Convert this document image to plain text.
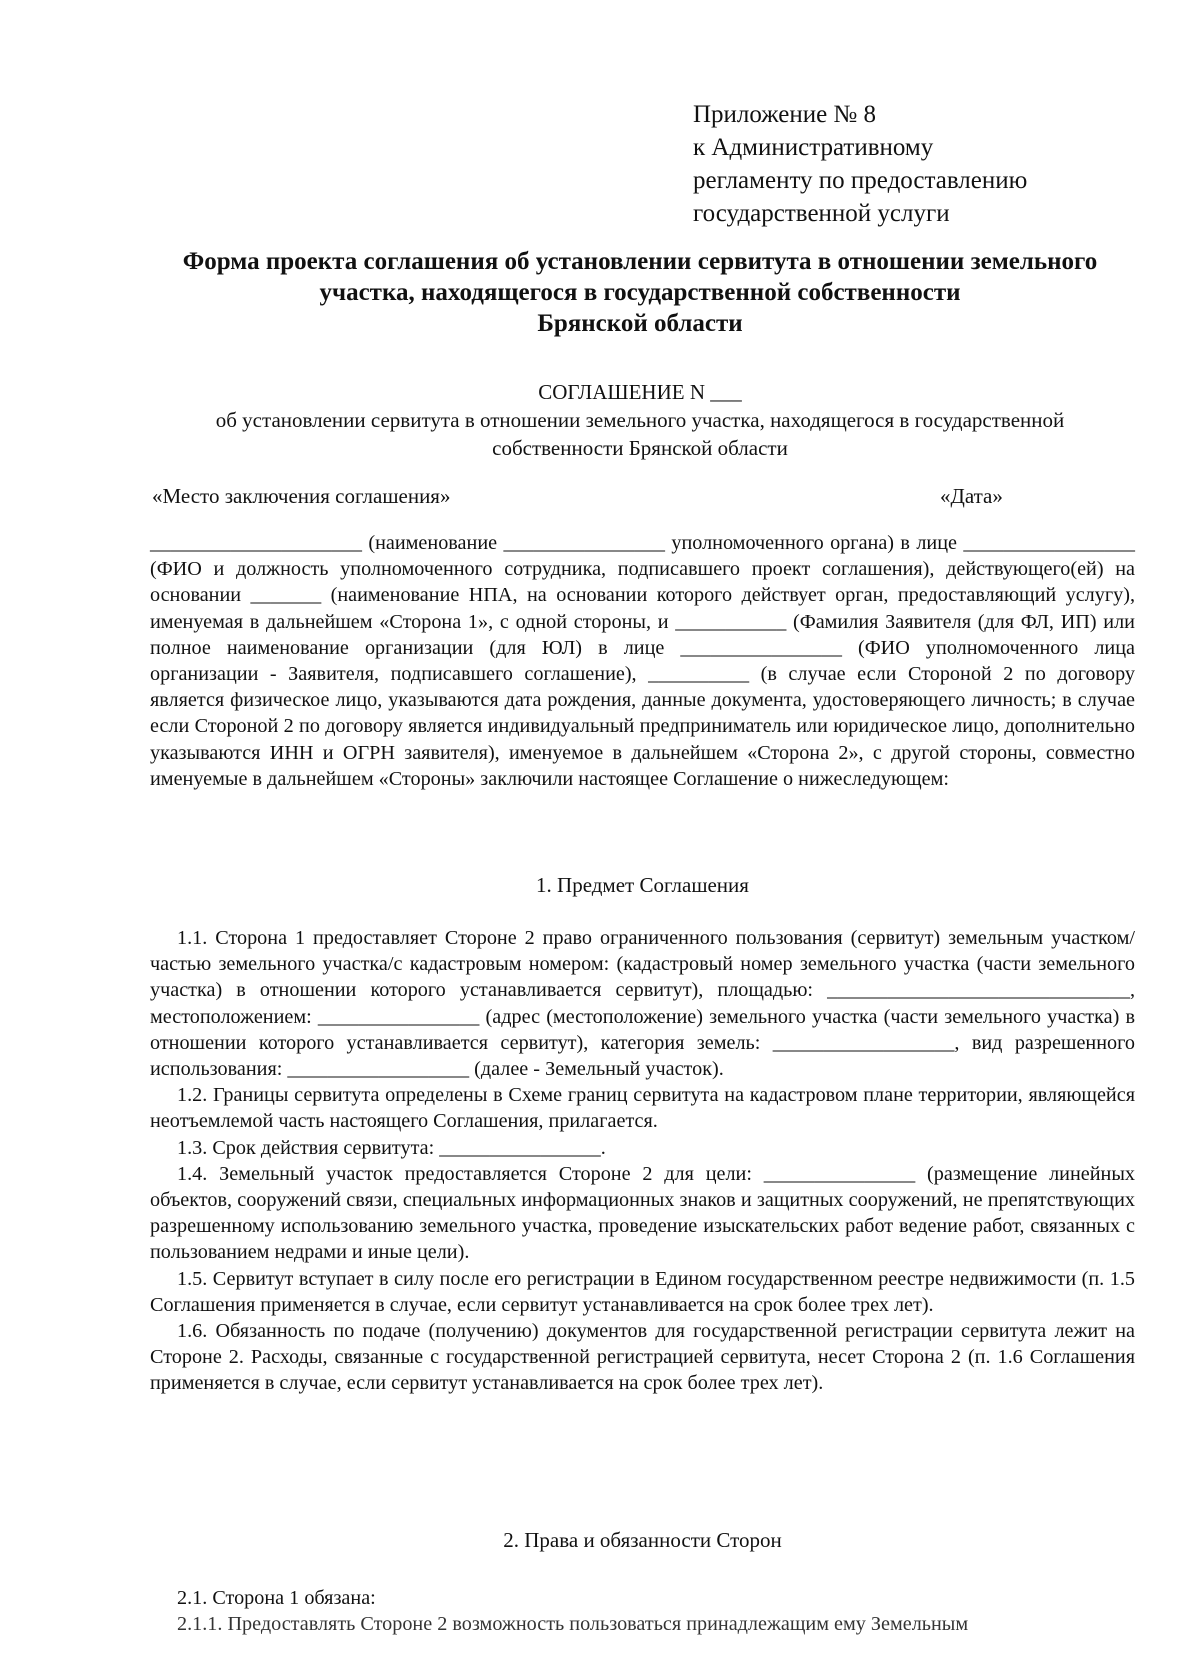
Приложение № 8
к Административному
регламенту по предоставлению
государственной услуги
Форма проекта соглашения об установлении сервитута в отношении земельного
участка, находящегося в государственной собственности
Брянской области
СОГЛАШЕНИЕ N ___
об установлении сервитута в отношении земельного участка, находящегося в государственной
собственности Брянской области
«Место заключения соглашения»	«Дата»

_____________________ (наименование ________________ уполномоченного органа) в лице _________________ (ФИО и должность уполномоченного сотрудника, подписавшего проект соглашения), действующего(ей) на основании _______ (наименование НПА, на основании которого действует орган, предоставляющий услугу), именуемая в дальнейшем «Сторона 1», с одной стороны, и ___________ (Фамилия Заявителя (для ФЛ, ИП) или полное наименование организации (для ЮЛ) в лице ________________ (ФИО уполномоченного лица организации - Заявителя, подписавшего соглашение), __________ (в случае если Стороной 2 по договору является физическое лицо, указываются дата рождения, данные документа, удостоверяющего личность; в случае если Стороной 2 по договору является индивидуальный предприниматель или юридическое лицо, дополнительно указываются ИНН и ОГРН заявителя), именуемое в дальнейшем «Сторона 2», с другой стороны, совместно именуемые в дальнейшем «Стороны» заключили настоящее Соглашение о нижеследующем:

1. Предмет Соглашения

1.1. Сторона 1 предоставляет Стороне 2 право ограниченного пользования (сервитут) земельным участком/частью земельного участка/с кадастровым номером: (кадастровый номер земельного участка (части земельного участка) в отношении которого устанавливается сервитут), площадью: ______________________________, местоположением: ________________ (адрес (местоположение) земельного участка (части земельного участка) в отношении которого устанавливается сервитут), категория земель: __________________, вид разрешенного использования: __________________ (далее - Земельный участок).

1.2. Границы сервитута определены в Схеме границ сервитута на кадастровом плане территории, являющейся неотъемлемой часть настоящего Соглашения, прилагается.

1.3. Срок действия сервитута: ________________.

1.4. Земельный участок предоставляется Стороне 2 для цели: _______________ (размещение линейных объектов, сооружений связи, специальных информационных знаков и защитных сооружений, не препятствующих разрешенному использованию земельного участка, проведение изыскательских работ ведение работ, связанных с пользованием недрами и иные цели).

1.5. Сервитут вступает в силу после его регистрации в Едином государственном реестре недвижимости (п. 1.5 Соглашения применяется в случае, если сервитут устанавливается на срок более трех лет).

1.6. Обязанность по подаче (получению) документов для государственной регистрации сервитута лежит на Стороне 2. Расходы, связанные с государственной регистрацией сервитута, несет Сторона 2 (п. 1.6 Соглашения применяется в случае, если сервитут устанавливается на срок более трех лет).

2. Права и обязанности Сторон

2.1. Сторона 1 обязана:

2.1.1. Предоставлять Стороне 2 возможность пользоваться принадлежащим ему Земельным
